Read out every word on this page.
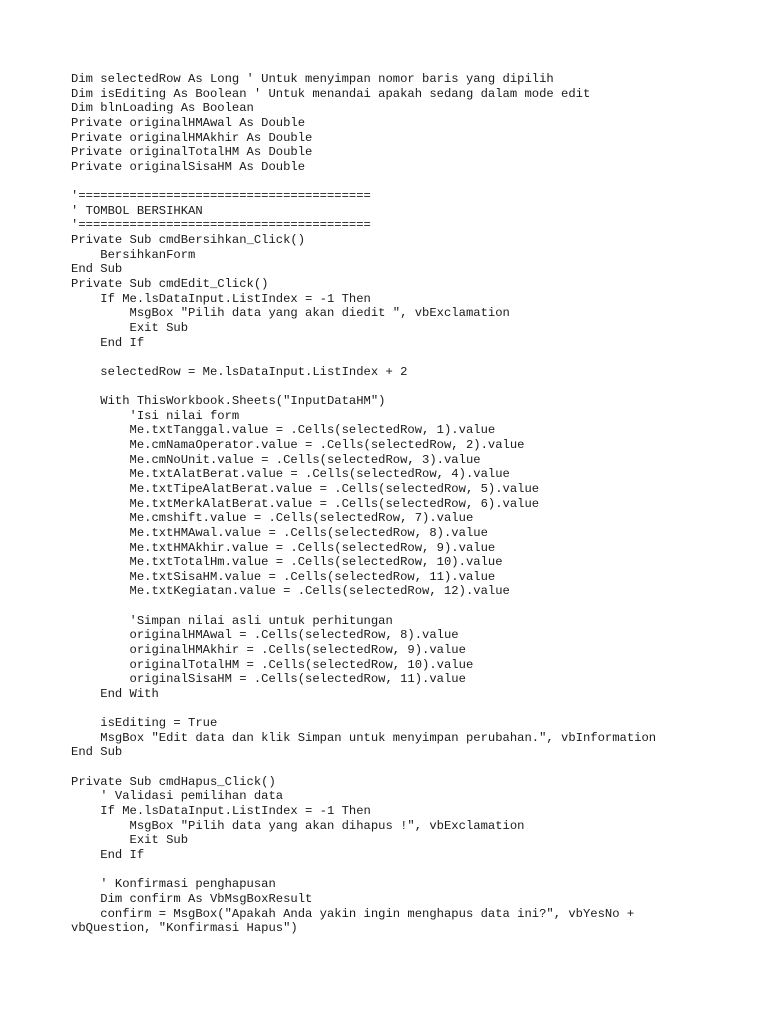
Dim selectedRow As Long ' Untuk menyimpan nomor baris yang dipilih
Dim isEditing As Boolean ' Untuk menandai apakah sedang dalam mode edit
Dim blnLoading As Boolean
Private originalHMAwal As Double
Private originalHMAkhir As Double
Private originalTotalHM As Double
Private originalSisaHM As Double
'========================================
' TOMBOL BERSIHKAN
'========================================
Private Sub cmdBersihkan_Click()
BersihkanForm
End Sub
Private Sub cmdEdit_Click()
If Me.lsDataInput.ListIndex = -1 Then
MsgBox "Pilih data yang akan diedit ", vbExclamation
Exit Sub
End If
selectedRow = Me.lsDataInput.ListIndex + 2
With ThisWorkbook.Sheets("InputDataHM")
'Isi nilai form
Me.txtTanggal.value = .Cells(selectedRow, 1).value
Me.cmNamaOperator.value = .Cells(selectedRow, 2).value
Me.cmNoUnit.value = .Cells(selectedRow, 3).value
Me.txtAlatBerat.value = .Cells(selectedRow, 4).value
Me.txtTipeAlatBerat.value = .Cells(selectedRow, 5).value
Me.txtMerkAlatBerat.value = .Cells(selectedRow, 6).value
Me.cmshift.value = .Cells(selectedRow, 7).value
Me.txtHMAwal.value = .Cells(selectedRow, 8).value
Me.txtHMAkhir.value = .Cells(selectedRow, 9).value
Me.txtTotalHm.value = .Cells(selectedRow, 10).value
Me.txtSisaHM.value = .Cells(selectedRow, 11).value
Me.txtKegiatan.value = .Cells(selectedRow, 12).value
'Simpan nilai asli untuk perhitungan
originalHMAwal = .Cells(selectedRow, 8).value
originalHMAkhir = .Cells(selectedRow, 9).value
originalTotalHM = .Cells(selectedRow, 10).value
originalSisaHM = .Cells(selectedRow, 11).value
End With
isEditing = True
MsgBox "Edit data dan klik Simpan untuk menyimpan perubahan.", vbInformation
End Sub
Private Sub cmdHapus_Click()
' Validasi pemilihan data
If Me.lsDataInput.ListIndex = -1 Then
MsgBox "Pilih data yang akan dihapus !", vbExclamation
Exit Sub
End If
' Konfirmasi penghapusan
Dim confirm As VbMsgBoxResult
confirm = MsgBox("Apakah Anda yakin ingin menghapus data ini?", vbYesNo +
vbQuestion, "Konfirmasi Hapus")
